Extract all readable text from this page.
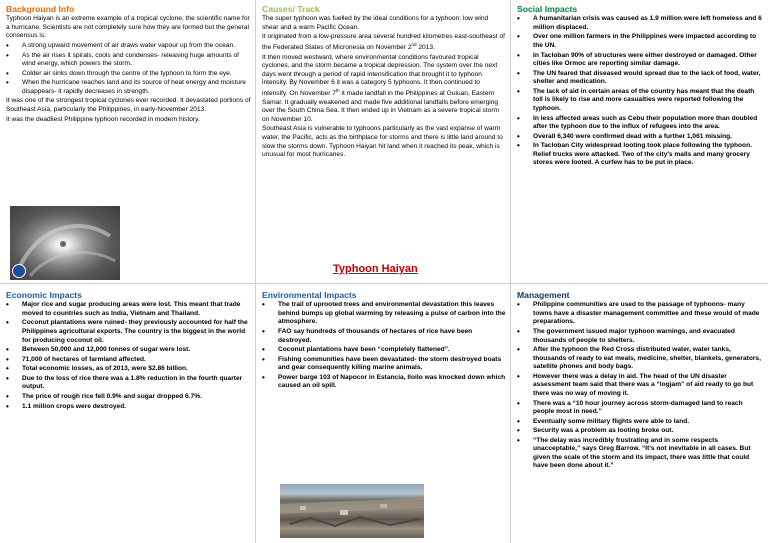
Background Info

Typhoon Haiyan is an extreme example of a tropical cyclone, the scientific name for a hurricane. Scientists are not completely sure how they are formed but the general consensus is:

• A strong upward movement of air draws water vapour up from the ocean.
• As the air rises it spirals, cools and condenses- releasing huge amounts of wind energy, which powers the storm.
• Colder air sinks down through the centre of the typhoon to form the eye.
• When the hurricane reaches land and its source of heat energy and moisture disappears- it rapidly decreases in strength.

It was one of the strongest tropical cyclones ever recorded. It devastated portions of Southeast Asia, particularly the Philippines, in early-November 2013.

It was the deadliest Philippine typhoon recorded in modern history.

Causes/ Track

The super typhoon was fuelled by the ideal conditions for a typhoon: low wind shear and a warm Pacific Ocean.

It originated from a low-pressure area several hundred kilometres east-southeast of the Federated States of Micronesia on November 2nd 2013.

It then moved westward, where environmental conditions favoured tropical cyclones, and the storm became a tropical depression. The system over the next days went through a period of rapid intensification that brought it to typhoon intensity. By November 6 it was a category 5 typhoons. It then continued to intensify. On November 7th it made landfall in the Philippines at Guiuan, Eastern Samar. It gradually weakened and made five additional landfalls before emerging over the South China Sea. It then ended up in Vietnam as a severe tropical storm on November 10.

Southeast Asia is vulnerable to typhoons particularly as the vast expanse of warm water, the Pacific, acts as the birthplace for storms and there is little land around to slow the storms down. Typhoon Haiyan hit land when it reached its peak, which is unusual for most hurricanes.

Social Impacts
• A humanitarian crisis was caused as 1.9 million were left homeless and 6 million displaced.
• Over one million farmers in the Philippines were impacted according to the UN.
• In Tacloban 90% of structures were either destroyed or damaged. Other cities like Ormoc are reporting similar damage.
• The UN feared that diseased would spread due to the lack of food, water, shelter and medication.
• The lack of aid in certain areas of the country has meant that the death toll is likely to rise and more casualties were reported following the typhoon.
• In less affected areas such as Cebu their population more than doubled after the typhoon due to the influx of refugees into the area.
• Overall 6,340 were confirmed dead with a further 1,061 missing.
• In Tacloban City widespread looting took place following the typhoon. Relief trucks were attacked. Two of the city's malls and many grocery stores were looted. A curfew has to be put in place.
Typhoon Haiyan
Economic Impacts
• Major rice and sugar producing areas were lost. This meant that trade moved to countries such as India, Vietnam and Thailand.
• Coconut plantations were ruined- they previously accounted for half the Philippines agricultural exports. The country is the biggest in the world for producing coconut oil.
• Between 50,000 and 12,000 tonnes of sugar were lost.
• 71,000 of hectares of farmland affected.
• Total economic losses, as of 2013, were $2.86 billion.
• Due to the loss of rice there was a 1.8% reduction in the fourth quarter output.
• The price of rough rice fell 0.9% and sugar dropped 6.7%.
• 1.1 million crops were destroyed.
Environmental Impacts
• The trail of uprooted trees and environmental devastation this leaves behind bumps up global warming by releasing a pulse of carbon into the atmosphere.
• FAO say hundreds of thousands of hectares of rice have been destroyed.
• Coconut plantations have been “completely flattened”.
• Fishing communities have been devastated- the storm destroyed boats and gear consequently killing marine animals.
• Power barge 103 of Napocor in Estancia, Iloilo was knocked down which caused an oil spill.
Management
• Philippine communities are used to the passage of typhoons- many towns have a disaster management committee and these would of made preparations.
• The government issued major typhoon warnings, and evacuated thousands of people to shelters.
• After the typhoon the Red Cross distributed water, water tanks, thousands of ready to eat meals, medicine, shelter, blankets, generators, satellite phones and body bags.
• However there was a delay in aid. The head of the UN disaster assessment team said that there was a “logjam” of aid ready to go but there was no way of moving it.
• There was a “10 hour journey across storm-damaged land to reach people most in need.”
• Eventually some military flights were able to land.
• Security was a problem as looting broke out.
• “The delay was incredibly frustrating and in some respects unacceptable,” says Greg Barrow. “It’s not inevitable in all cases. But given the scale of the storm and its impact, there was little that could have been done about it.”
